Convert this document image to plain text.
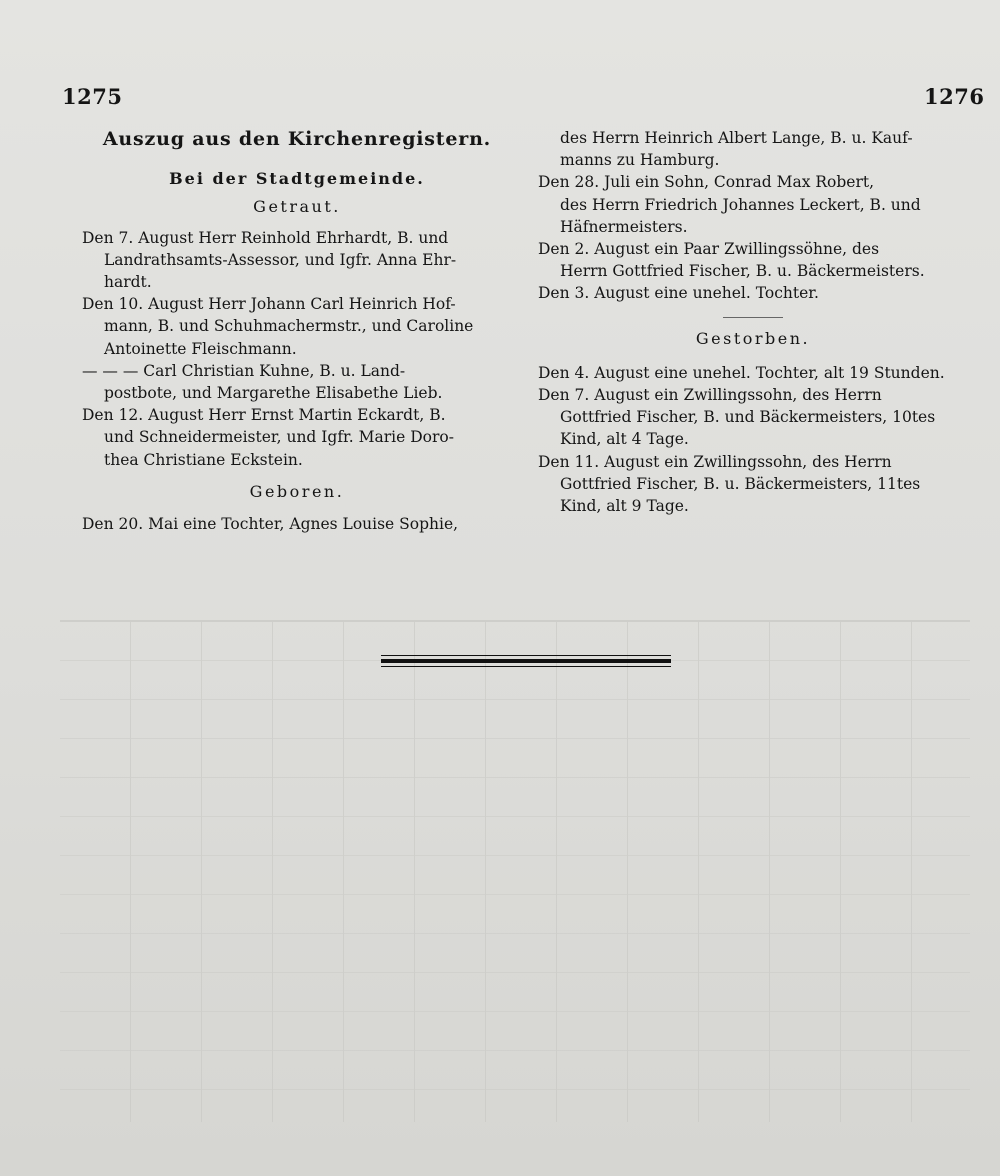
1275	1276
Auszug aus den Kirchenregistern.
Bei der Stadtgemeinde.
Getraut.
Den 7. August Herr Reinhold Ehrhardt, B. und
Landrathsamts-Assessor, und Igfr. Anna Ehr-
hardt.
Den 10. August Herr Johann Carl Heinrich Hof-
mann, B. und Schuhmachermstr., und Caroline
Antoinette Fleischmann.
— — — Carl Christian Kuhne, B. u. Land-
postbote, und Margarethe Elisabethe Lieb.
Den 12. August Herr Ernst Martin Eckardt, B.
und Schneidermeister, und Igfr. Marie Doro-
thea Christiane Eckstein.
Geboren.
Den 20. Mai eine Tochter, Agnes Louise Sophie,
des Herrn Heinrich Albert Lange, B. u. Kauf-
manns zu Hamburg.
Den 28. Juli ein Sohn, Conrad Max Robert,
des Herrn Friedrich Johannes Leckert, B. und
Häfnermeisters.
Den 2. August ein Paar Zwillingssöhne, des
Herrn Gottfried Fischer, B. u. Bäckermeisters.
Den 3. August eine unehel. Tochter.
Gestorben.
Den 4. August eine unehel. Tochter, alt 19 Stunden.
Den 7. August ein Zwillingssohn, des Herrn
Gottfried Fischer, B. und Bäckermeisters, 10tes
Kind, alt 4 Tage.
Den 11. August ein Zwillingssohn, des Herrn
Gottfried Fischer, B. u. Bäckermeisters, 11tes
Kind, alt 9 Tage.
